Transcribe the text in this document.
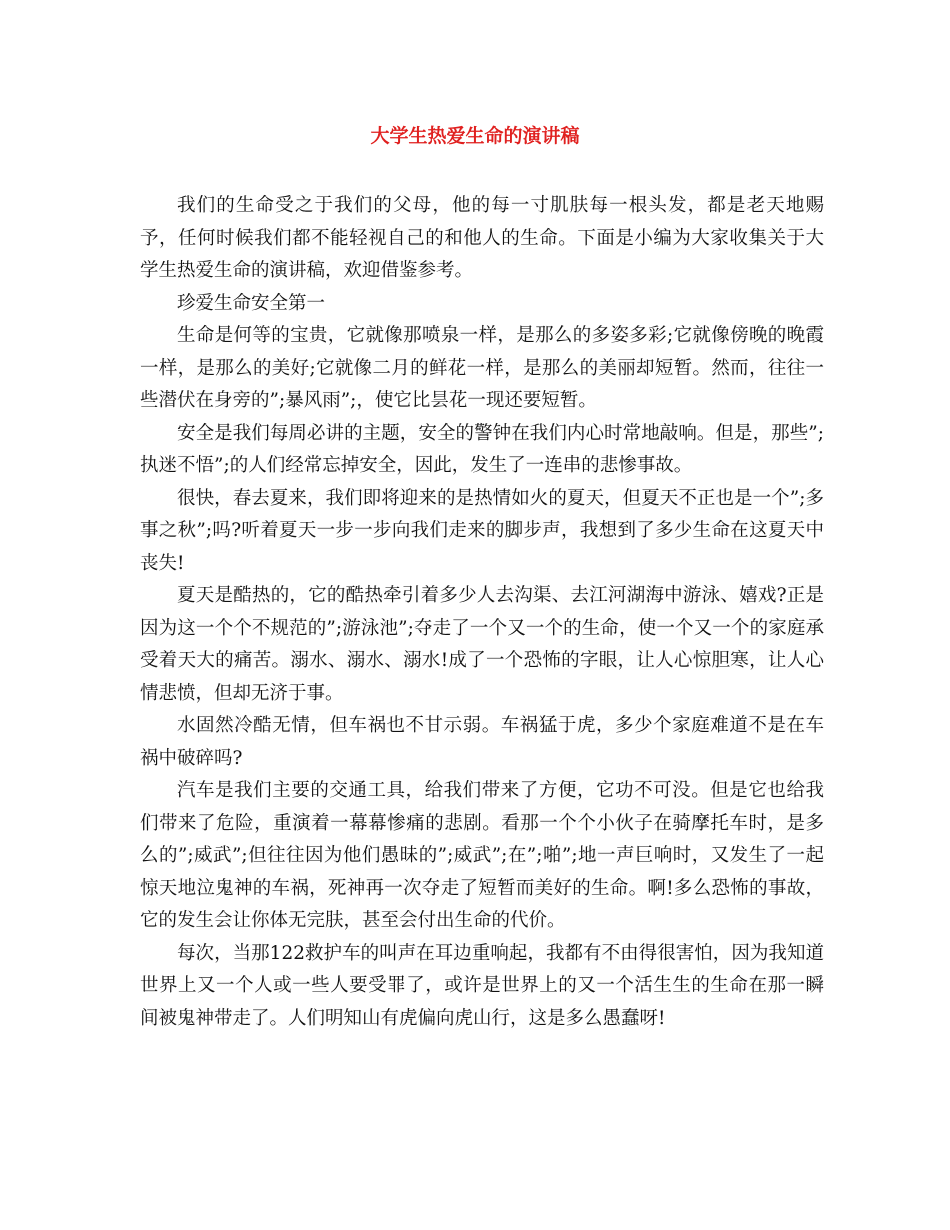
大学生热爱生命的演讲稿

我们的生命受之于我们的父母，他的每一寸肌肤每一根头发，都是老天地赐予，任何时候我们都不能轻视自己的和他人的生命。下面是小编为大家收集关于大学生热爱生命的演讲稿，欢迎借鉴参考。

珍爱生命安全第一

生命是何等的宝贵，它就像那喷泉一样，是那么的多姿多彩;它就像傍晚的晚霞一样，是那么的美好;它就像二月的鲜花一样，是那么的美丽却短暂。然而，往往一些潜伏在身旁的”;暴风雨”;，使它比昙花一现还要短暂。

安全是我们每周必讲的主题，安全的警钟在我们内心时常地敲响。但是，那些”;执迷不悟”;的人们经常忘掉安全，因此，发生了一连串的悲惨事故。

很快，春去夏来，我们即将迎来的是热情如火的夏天，但夏天不正也是一个”;多事之秋”;吗?听着夏天一步一步向我们走来的脚步声，我想到了多少生命在这夏天中丧失!

夏天是酷热的，它的酷热牵引着多少人去沟渠、去江河湖海中游泳、嬉戏?正是因为这一个个不规范的”;游泳池”;夺走了一个又一个的生命，使一个又一个的家庭承受着天大的痛苦。溺水、溺水、溺水!成了一个恐怖的字眼，让人心惊胆寒，让人心情悲愤，但却无济于事。

水固然冷酷无情，但车祸也不甘示弱。车祸猛于虎，多少个家庭难道不是在车祸中破碎吗?

汽车是我们主要的交通工具，给我们带来了方便，它功不可没。但是它也给我们带来了危险，重演着一幕幕惨痛的悲剧。看那一个个小伙子在骑摩托车时，是多么的”;威武”;但往往因为他们愚昧的”;威武”;在”;啪”;地一声巨响时，又发生了一起惊天地泣鬼神的车祸，死神再一次夺走了短暂而美好的生命。啊!多么恐怖的事故，它的发生会让你体无完肤，甚至会付出生命的代价。

每次，当那122救护车的叫声在耳边重响起，我都有不由得很害怕，因为我知道世界上又一个人或一些人要受罪了，或许是世界上的又一个活生生的生命在那一瞬间被鬼神带走了。人们明知山有虎偏向虎山行，这是多么愚蠢呀!
